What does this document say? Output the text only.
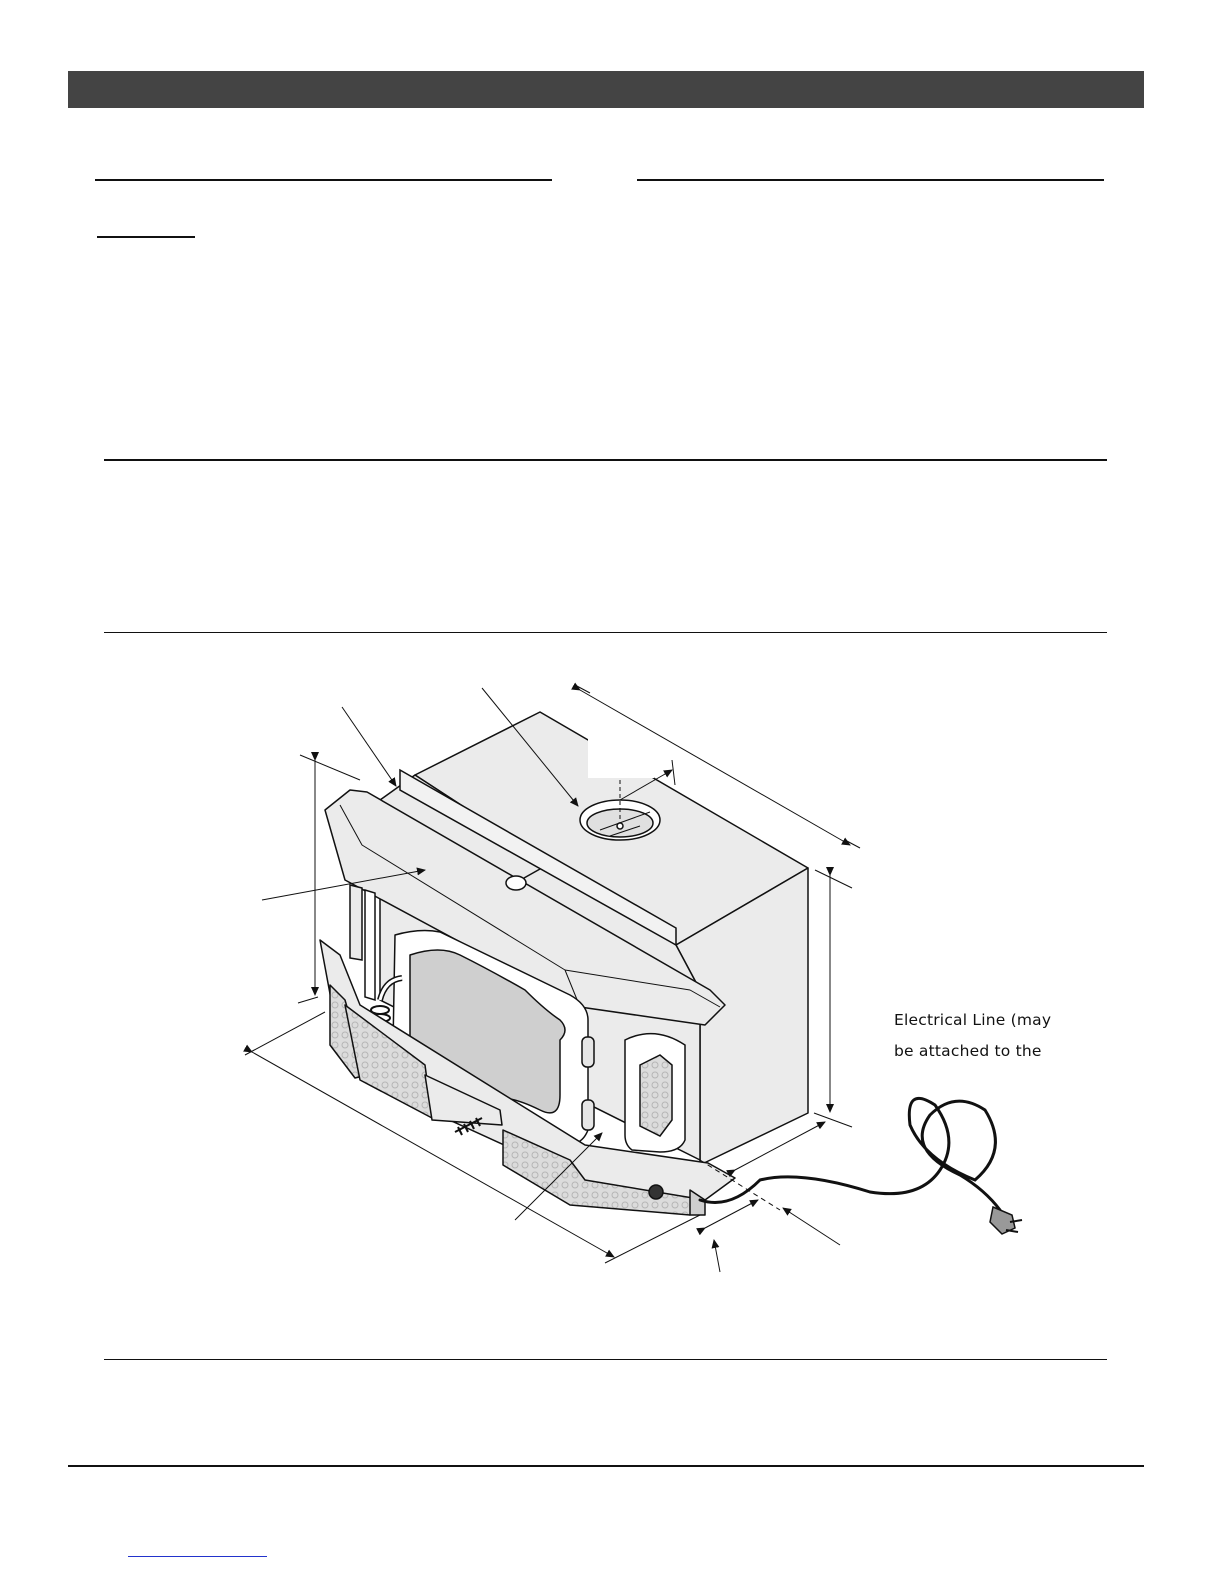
Electrical Line (may
be attached to the
